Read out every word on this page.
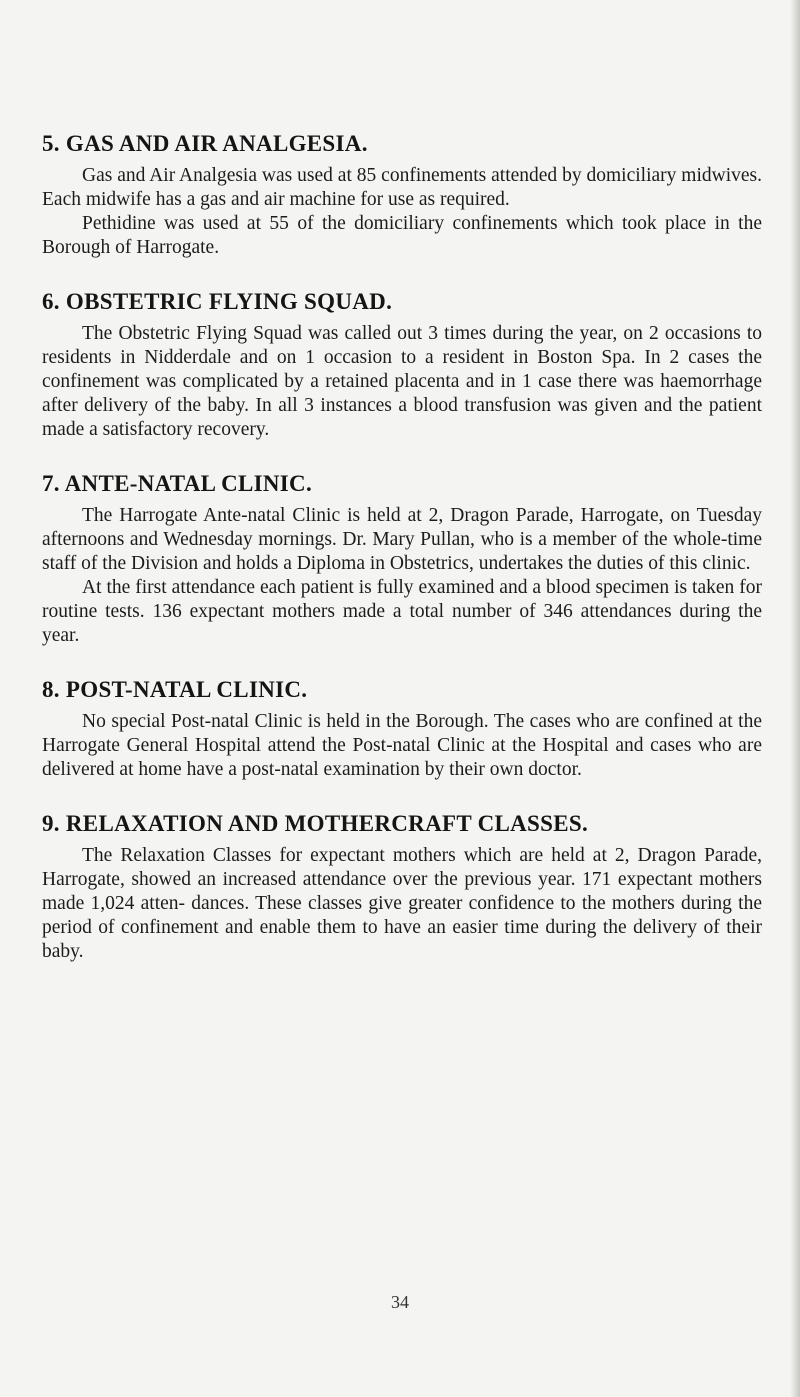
5. GAS AND AIR ANALGESIA.

Gas and Air Analgesia was used at 85 confinements attended by domiciliary midwives. Each midwife has a gas and air machine for use as required.

Pethidine was used at 55 of the domiciliary confinements which took place in the Borough of Harrogate.

6. OBSTETRIC FLYING SQUAD.

The Obstetric Flying Squad was called out 3 times during the year, on 2 occasions to residents in Nidderdale and on 1 occasion to a resident in Boston Spa. In 2 cases the confinement was complicated by a retained placenta and in 1 case there was haemorrhage after delivery of the baby. In all 3 instances a blood transfusion was given and the patient made a satisfactory recovery.

7. ANTE-NATAL CLINIC.

The Harrogate Ante-natal Clinic is held at 2, Dragon Parade, Harrogate, on Tuesday afternoons and Wednesday mornings. Dr. Mary Pullan, who is a member of the whole-time staff of the Division and holds a Diploma in Obstetrics, undertakes the duties of this clinic.

At the first attendance each patient is fully examined and a blood specimen is taken for routine tests. 136 expectant mothers made a total number of 346 attendances during the year.

8. POST-NATAL CLINIC.

No special Post-natal Clinic is held in the Borough. The cases who are confined at the Harrogate General Hospital attend the Post-natal Clinic at the Hospital and cases who are delivered at home have a post-natal examination by their own doctor.

9. RELAXATION AND MOTHERCRAFT CLASSES.

The Relaxation Classes for expectant mothers which are held at 2, Dragon Parade, Harrogate, showed an increased attendance over the previous year. 171 expectant mothers made 1,024 atten- dances. These classes give greater confidence to the mothers during the period of confinement and enable them to have an easier time during the delivery of their baby.

34
